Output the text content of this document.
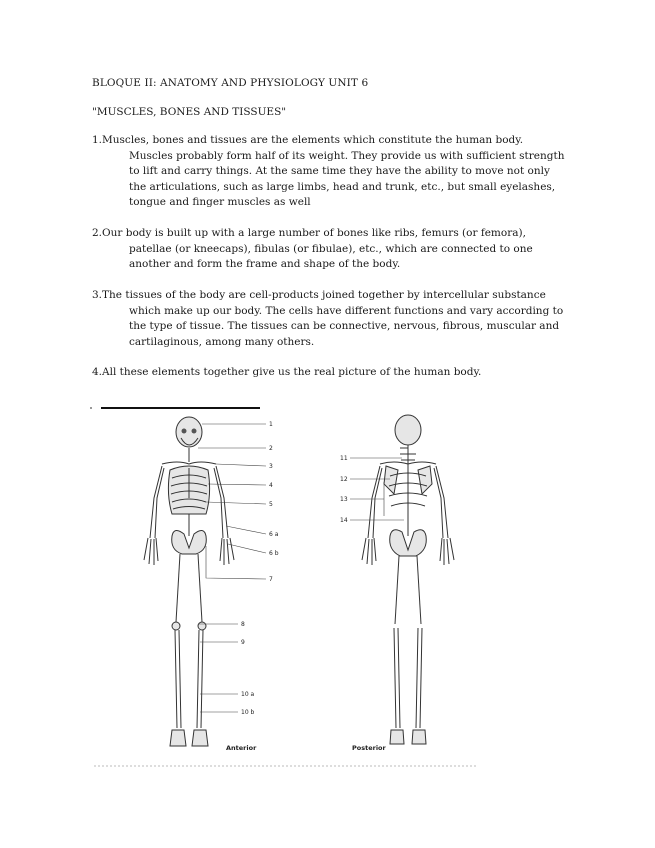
BLOQUE II: ANATOMY AND PHYSIOLOGY UNIT 6
"MUSCLES, BONES AND TISSUES"
1.Muscles, bones and tissues are the elements which constitute the human body.
Muscles probably form half of its weight. They provide us with sufficient strength to lift and carry things. At the same time they have the ability to move not only the articulations, such as large limbs, head and trunk, etc., but small eyelashes, tongue and finger muscles as well
2.Our body is built up with a large number of bones like ribs, femurs (or femora),
patellae (or kneecaps), fibulas (or fibulae), etc., which are connected to one another and form the frame and shape of the body.
3.The tissues of the body are cell-products joined together by intercellular substance
which make up our body. The cells have different functions and vary according to the type of tissue. The tissues can be connective, nervous, fibrous, muscular and cartilaginous, among many others.
4.All these elements together give us the real picture of the human body.
1
2
3
4
5
6 a
6 b
7
8
9
10 a
10 b
Anterior
11
12
13
14
Posterior
